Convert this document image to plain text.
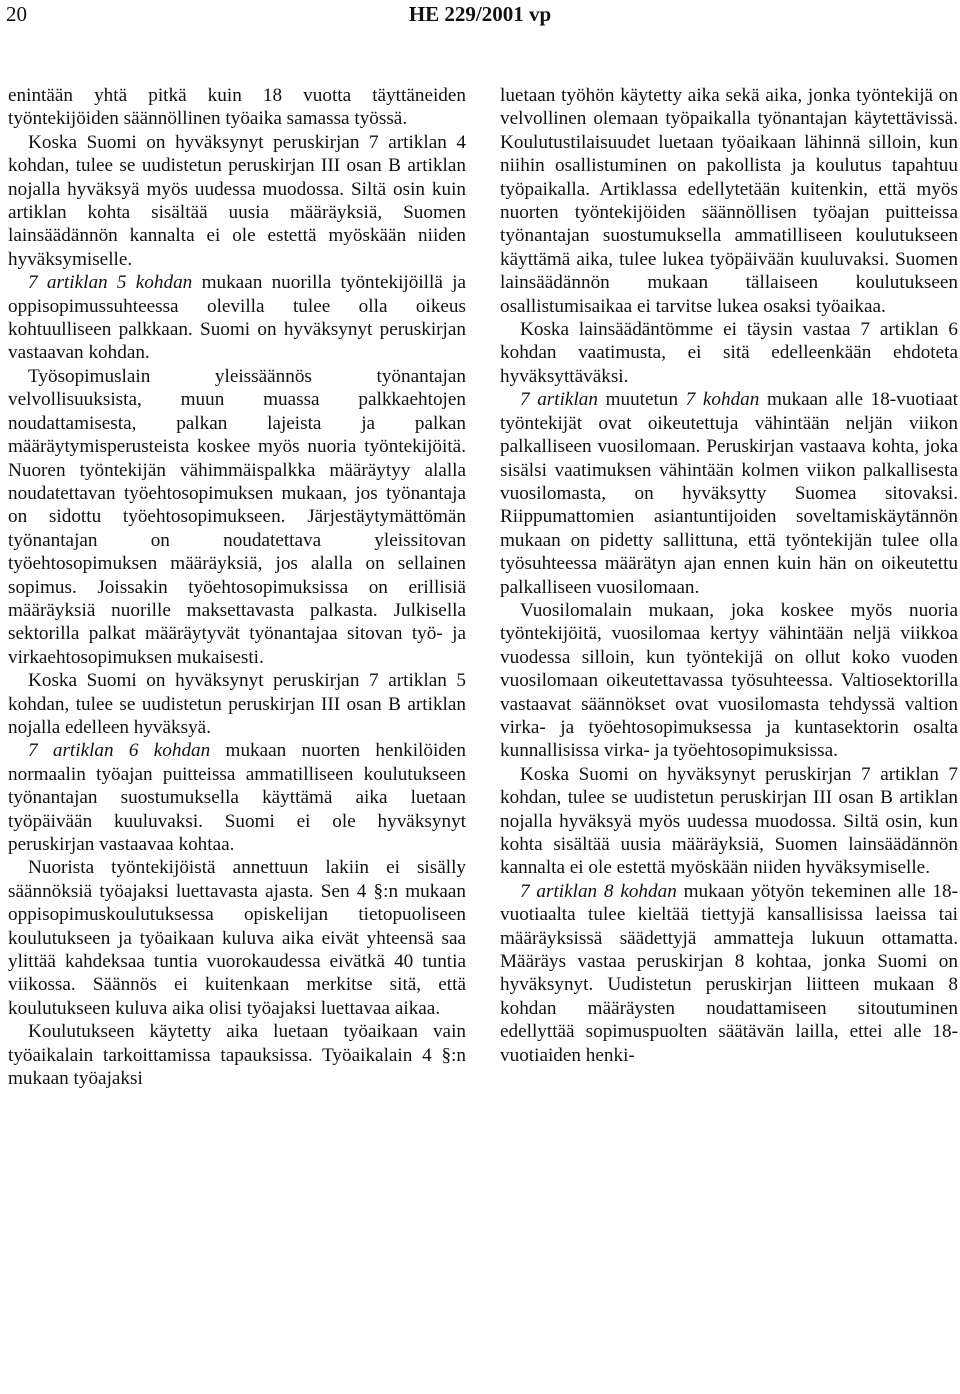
20	HE 229/2001 vp

enintään yhtä pitkä kuin 18 vuotta täyttäneiden työntekijöiden säännöllinen työaika samassa työssä.

Koska Suomi on hyväksynyt peruskirjan 7 artiklan 4 kohdan, tulee se uudistetun peruskirjan III osan B artiklan nojalla hyväksyä myös uudessa muodossa. Siltä osin kuin artiklan kohta sisältää uusia määräyksiä, Suomen lainsäädännön kannalta ei ole estettä myöskään niiden hyväksymiselle.

7 artiklan 5 kohdan mukaan nuorilla työntekijöillä ja oppisopimussuhteessa olevilla tulee olla oikeus kohtuulliseen palkkaan. Suomi on hyväksynyt peruskirjan vastaavan kohdan.

Työsopimuslain yleissäännös työnantajan velvollisuuksista, muun muassa palkkaehtojen noudattamisesta, palkan lajeista ja palkan määräytymisperusteista koskee myös nuoria työntekijöitä. Nuoren työntekijän vähimmäispalkka määräytyy alalla noudatettavan työehtosopimuksen mukaan, jos työnantaja on sidottu työehtosopimukseen. Järjestäytymättömän työnantajan on noudatettava yleissitovan työehtosopimuksen määräyksiä, jos alalla on sellainen sopimus. Joissakin työehtosopimuksissa on erillisiä määräyksiä nuorille maksettavasta palkasta. Julkisella sektorilla palkat määräytyvät työnantajaa sitovan työ- ja virkaehtosopimuksen mukaisesti.

Koska Suomi on hyväksynyt peruskirjan 7 artiklan 5 kohdan, tulee se uudistetun peruskirjan III osan B artiklan nojalla edelleen hyväksyä.

7 artiklan 6 kohdan mukaan nuorten henkilöiden normaalin työajan puitteissa ammatilliseen koulutukseen työnantajan suostumuksella käyttämä aika luetaan työpäivään kuuluvaksi. Suomi ei ole hyväksynyt peruskirjan vastaavaa kohtaa.

Nuorista työntekijöistä annettuun lakiin ei sisälly säännöksiä työajaksi luettavasta ajasta. Sen 4 §:n mukaan oppisopimuskoulutuksessa opiskelijan tietopuoliseen koulutukseen ja työaikaan kuluva aika eivät yhteensä saa ylittää kahdeksaa tuntia vuorokaudessa eivätkä 40 tuntia viikossa. Säännös ei kuitenkaan merkitse sitä, että koulutukseen kuluva aika olisi työajaksi luettavaa aikaa.

Koulutukseen käytetty aika luetaan työaikaan vain työaikalain tarkoittamissa tapauksissa. Työaikalain 4 §:n mukaan työajaksi

luetaan työhön käytetty aika sekä aika, jonka työntekijä on velvollinen olemaan työpaikalla työnantajan käytettävissä. Koulutustilaisuudet luetaan työaikaan lähinnä silloin, kun niihin osallistuminen on pakollista ja koulutus tapahtuu työpaikalla. Artiklassa edellytetään kuitenkin, että myös nuorten työntekijöiden säännöllisen työajan puitteissa työnantajan suostumuksella ammatilliseen koulutukseen käyttämä aika, tulee lukea työpäivään kuuluvaksi. Suomen lainsäädännön mukaan tällaiseen koulutukseen osallistumisaikaa ei tarvitse lukea osaksi työaikaa.

Koska lainsäädäntömme ei täysin vastaa 7 artiklan 6 kohdan vaatimusta, ei sitä edelleenkään ehdoteta hyväksyttäväksi.

7 artiklan muutetun 7 kohdan mukaan alle 18-vuotiaat työntekijät ovat oikeutettuja vähintään neljän viikon palkalliseen vuosilomaan. Peruskirjan vastaava kohta, joka sisälsi vaatimuksen vähintään kolmen viikon palkallisesta vuosilomasta, on hyväksytty Suomea sitovaksi. Riippumattomien asiantuntijoiden soveltamiskäytännön mukaan on pidetty sallittuna, että työntekijän tulee olla työsuhteessa määrätyn ajan ennen kuin hän on oikeutettu palkalliseen vuosilomaan.

Vuosilomalain mukaan, joka koskee myös nuoria työntekijöitä, vuosilomaa kertyy vähintään neljä viikkoa vuodessa silloin, kun työntekijä on ollut koko vuoden vuosilomaan oikeutettavassa työsuhteessa. Valtiosektorilla vastaavat säännökset ovat vuosilomasta tehdyssä valtion virka- ja työehtosopimuksessa ja kuntasektorin osalta kunnallisissa virka- ja työehtosopimuksissa.

Koska Suomi on hyväksynyt peruskirjan 7 artiklan 7 kohdan, tulee se uudistetun peruskirjan III osan B artiklan nojalla hyväksyä myös uudessa muodossa. Siltä osin, kun kohta sisältää uusia määräyksiä, Suomen lainsäädännön kannalta ei ole estettä myöskään niiden hyväksymiselle.

7 artiklan 8 kohdan mukaan yötyön tekeminen alle 18-vuotiaalta tulee kieltää tiettyjä kansallisissa laeissa tai määräyksissä säädettyjä ammatteja lukuun ottamatta. Määräys vastaa peruskirjan 8 kohtaa, jonka Suomi on hyväksynyt. Uudistetun peruskirjan liitteen mukaan 8 kohdan määräysten noudattamiseen sitoutuminen edellyttää sopimuspuolten säätävän lailla, ettei alle 18-vuotiaiden henki-
